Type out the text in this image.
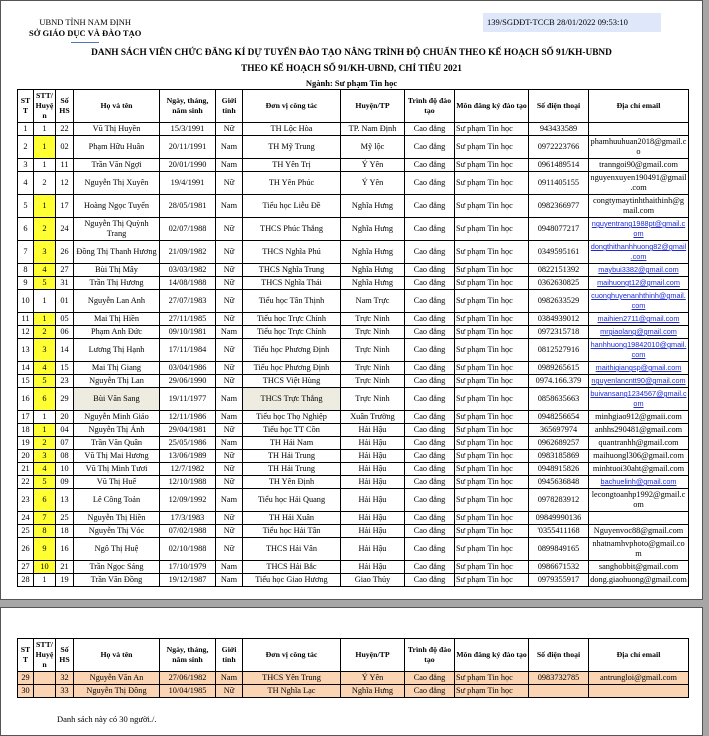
UBND TỈNH NAM ĐỊNH
SỞ GIÁO DỤC VÀ ĐÀO TẠO
139/SGDĐT-TCCB 28/01/2022 09:53:10
DANH SÁCH VIÊN CHỨC ĐĂNG KÍ DỰ TUYỂN ĐÀO TẠO NÂNG TRÌNH ĐỘ CHUẨN THEO KẾ HOẠCH SỐ 91/KH-UBND
THEO KẾ HOẠCH SỐ 91/KH-UBND, CHỈ TIÊU 2021
Ngành: Sư phạm Tin học
ST T	STT/ Huyện	Số HS	Họ và tên	Ngày, tháng, năm sinh	Giới tính	Đơn vị công tác	Huyện/TP	Trình độ đào tạo	Môn đăng ký đào tạo	Số điện thoại	Địa chỉ email
1	1	22	Vũ Thị Huyền	15/3/1991	Nữ	TH Lộc Hòa	TP. Nam Định	Cao đẳng	Sư phạm Tin học	943433589	
2	1	02	Phạm Hữu Huân	20/11/1991	Nam	TH Mỹ Trung	Mỹ lộc	Cao đẳng	Sư phạm Tin học	0972223766	phamhuuhuan2018@gmail.co
3	1	11	Trần Văn Ngợi	20/01/1990	Nam	TH Yên Trị	Ý Yên	Cao đẳng	Sư phạm Tin học	0961489514	tranngoi90@gmail.com
4	2	12	Nguyễn Thị Xuyên	19/4/1991	Nữ	TH Yên Phúc	Ý Yên	Cao đẳng	Sư phạm Tin học	0911405155	nguyenxuyen190491@gmail.com
5	1	17	Hoàng Ngọc Tuyển	28/05/1981	Nam	Tiểu học Liễu Đề	Nghĩa Hưng	Cao đẳng	Sư phạm Tin học	0982366977	congtymaytinhthaithinh@gmail.com
6	2	24	Nguyễn Thị Quỳnh Trang	02/07/1988	Nữ	THCS Phúc Thắng	Nghĩa Hưng	Cao đẳng	Sư phạm Tin học	0948077217	nguyentrang1988pt@gmail.com
7	3	26	Đồng Thị Thanh Hương	21/09/1982	Nữ	THCS Nghĩa Phú	Nghĩa Hưng	Cao đẳng	Sư phạm Tin học	0349595161	dongthithanhhuong82@gmail.com
8	4	27	Bùi Thị Mây	03/03/1982	Nữ	THCS Nghĩa Trung	Nghĩa Hưng	Cao đẳng	Sư phạm Tin học	0822151392	maybui3382@gmail.com
9	5	31	Trần Thị Hương	14/08/1988	Nữ	THCS Nghĩa Thái	Nghĩa Hưng	Cao đẳng	Sư phạm Tin học	0362630825	maihuongt12@gmail.com
10	1	01	Nguyễn Lan Anh	27/07/1983	Nữ	Tiểu học Tân Thịnh	Nam Trực	Cao đẳng	Sư phạm Tin học	0982633529	cuonghuyenanhthinh@gmail.com
11	1	05	Mai Thị Hiền	27/11/1985	Nữ	Tiểu học Trực Chính	Trực Ninh	Cao đẳng	Sư phạm Tin học	0384939012	maihien2711@gmail.com
12	2	06	Phạm Anh Đức	09/10/1981	Nam	Tiểu học Trực Chính	Trực Ninh	Cao đẳng	Sư phạm Tin học	0972315718	mrgiaolang@gmail.com
13	3	14	Lương Thị Hạnh	17/11/1984	Nữ	Tiểu học Phương Định	Trực Ninh	Cao đẳng	Sư phạm Tin học	0812527916	hanhhuong19842010@gmail.com
14	4	15	Mai Thị Giang	03/04/1986	Nữ	Tiểu học Phương Định	Trực Ninh	Cao đẳng	Sư phạm Tin học	0989265615	maithigiangsp@gmail.com
15	5	23	Nguyễn Thị Lan	29/06/1990	Nữ	THCS Việt Hùng	Trực Ninh	Cao đẳng	Sư phạm Tin học	0974.166.379	nguyenlancntt90@gmail.com
16	6	29	Bùi Văn Sang	19/11/1977	Nam	THCS Trực Thắng	Trực Ninh	Cao đẳng	Sư phạm Tin học	0858635663	buivansang1234567@gmail.com
17	1	20	Nguyễn Minh Giáo	12/11/1986	Nam	Tiểu học Thọ Nghiệp	Xuân Trường	Cao đẳng	Sư phạm Tin học	0948256654	minhgiao912@gmaii.com
18	1	04	Nguyễn Thị Ánh	29/04/1981	Nữ	Tiểu học TT Cồn	Hải Hậu	Cao đẳng	Sư phạm Tin học	365697974	anhhs290481@gmail.com
19	2	07	Trần Văn Quân	25/05/1986	Nam	TH Hải Nam	Hải Hậu	Cao đẳng	Sư phạm Tin học	0962689257	quantranhh@gmail.com
20	3	08	Vũ Thị Mai Hương	13/06/1989	Nữ	TH Hải Trung	Hải Hậu	Cao đẳng	Sư phạm Tin học	0983185869	maihuongl306@gmail.com
21	4	10	Vũ Thị Minh Tươi	12/7/1982	Nữ	TH Hải Trung	Hải Hậu	Cao đẳng	Sư phạm Tin học	0948915826	minhtuoi30aht@gmail.com
22	5	09	Vũ Thị Huế	12/10/1988	Nữ	TH Yên Định	Hải Hậu	Cao đẳng	Sư phạm Tin học	0945636848	bachuelinh@gmail.com
23	6	13	Lê Công Toản	12/09/1992	Nam	Tiểu học Hải Quang	Hải Hậu	Cao đẳng	Sư phạm Tin học	0978283912	lecongtoanhp1992@gmail.com
24	7	25	Nguyễn Thị Hiền	17/3/1983	Nữ	TH Hải Xuân	Hải Hậu	Cao đẳng	Sư phạm Tin học	09849990136	
25	8	18	Nguyễn Thị Vóc	07/02/1988	Nữ	Tiểu học Hải Tân	Hải Hậu	Cao đẳng	Sư phạm Tin học	'0355411168	Nguyenvoc88@gmail.com
26	9	16	Ngô Thị Huệ	02/10/1988	Nữ	THCS Hải Vân	Hải Hậu	Cao đẳng	Sư phạm Tin học	0899849165	nhatnamhvphoto@gmail.com
27	10	21	Trần Ngọc Sáng	17/10/1979	Nam	THCS Hải Bắc	Hải Hậu	Cao đẳng	Sư phạm Tin học	0986671532	sanghobbit@gmail.com
28	1	19	Trần Văn Đồng	19/12/1987	Nam	Tiểu học Giao Hương	Giao Thủy	Cao đẳng	Sư phạm Tin học	0979355917	dong.giaohuong@gmail.com
ST T	STT/ Huyện	Số HS	Họ và tên	Ngày, tháng, năm sinh	Giới tính	Đơn vị công tác	Huyện/TP	Trình độ đào tạo	Môn đăng ký đào tạo	Số điện thoại	Địa chỉ email
29		32	Nguyễn Văn An	27/06/1982	Nam	THCS Yên Trung	Ý Yên	Cao đẳng	Sư phạm Tin học	0983732785	antrungloi@gmail.com
30		33	Nguyễn Thị Đông	10/04/1985	Nữ	TH Nghĩa Lạc	Nghĩa Hưng	Cao đẳng	Sư phạm Tin học		
Danh sách này có 30 người./.
